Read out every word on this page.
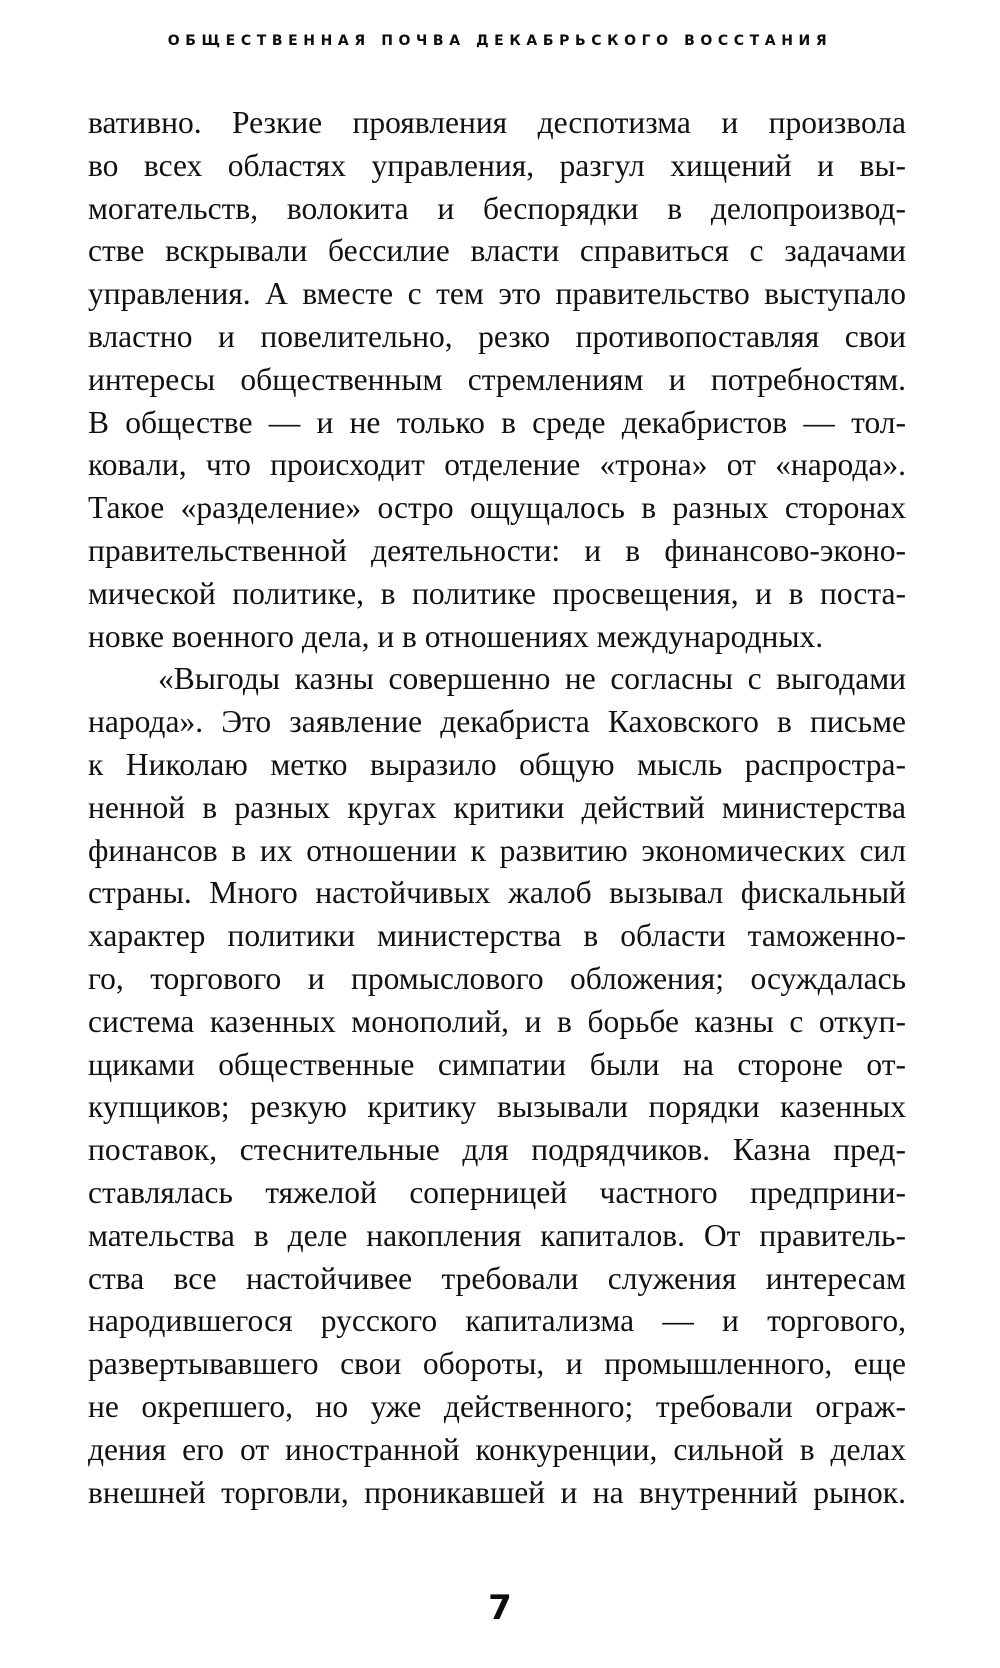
ОБЩЕСТВЕННАЯ ПОЧВА ДЕКАБРЬСКОГО ВОССТАНИЯ
вативно. Резкие проявления деспотизма и произвола
во всех областях управления, разгул хищений и вы-
могательств, волокита и беспорядки в делопроизвод-
стве вскрывали бессилие власти справиться с задачами
управления. А вместе с тем это правительство выступало
властно и повелительно, резко противопоставляя свои
интересы общественным стремлениям и потребностям.
В обществе — и не только в среде декабристов — тол-
ковали, что происходит отделение «трона» от «народа».
Такое «разделение» остро ощущалось в разных сторонах
правительственной деятельности: и в финансово-эконо-
мической политике, в политике просвещения, и в поста-
новке военного дела, и в отношениях международных.
«Выгоды казны совершенно не согласны с выгодами
народа». Это заявление декабриста Каховского в письме
к Николаю метко выразило общую мысль распростра-
ненной в разных кругах критики действий министерства
финансов в их отношении к развитию экономических сил
страны. Много настойчивых жалоб вызывал фискальный
характер политики министерства в области таможенно-
го, торгового и промыслового обложения; осуждалась
система казенных монополий, и в борьбе казны с откуп-
щиками общественные симпатии были на стороне от-
купщиков; резкую критику вызывали порядки казенных
поставок, стеснительные для подрядчиков. Казна пред-
ставлялась тяжелой соперницей частного предприни-
мательства в деле накопления капиталов. От правитель-
ства все настойчивее требовали служения интересам
народившегося русского капитализма — и торгового,
развертывавшего свои обороты, и промышленного, еще
не окрепшего, но уже действенного; требовали ограж-
дения его от иностранной конкуренции, сильной в делах
внешней торговли, проникавшей и на внутренний рынок.
7
